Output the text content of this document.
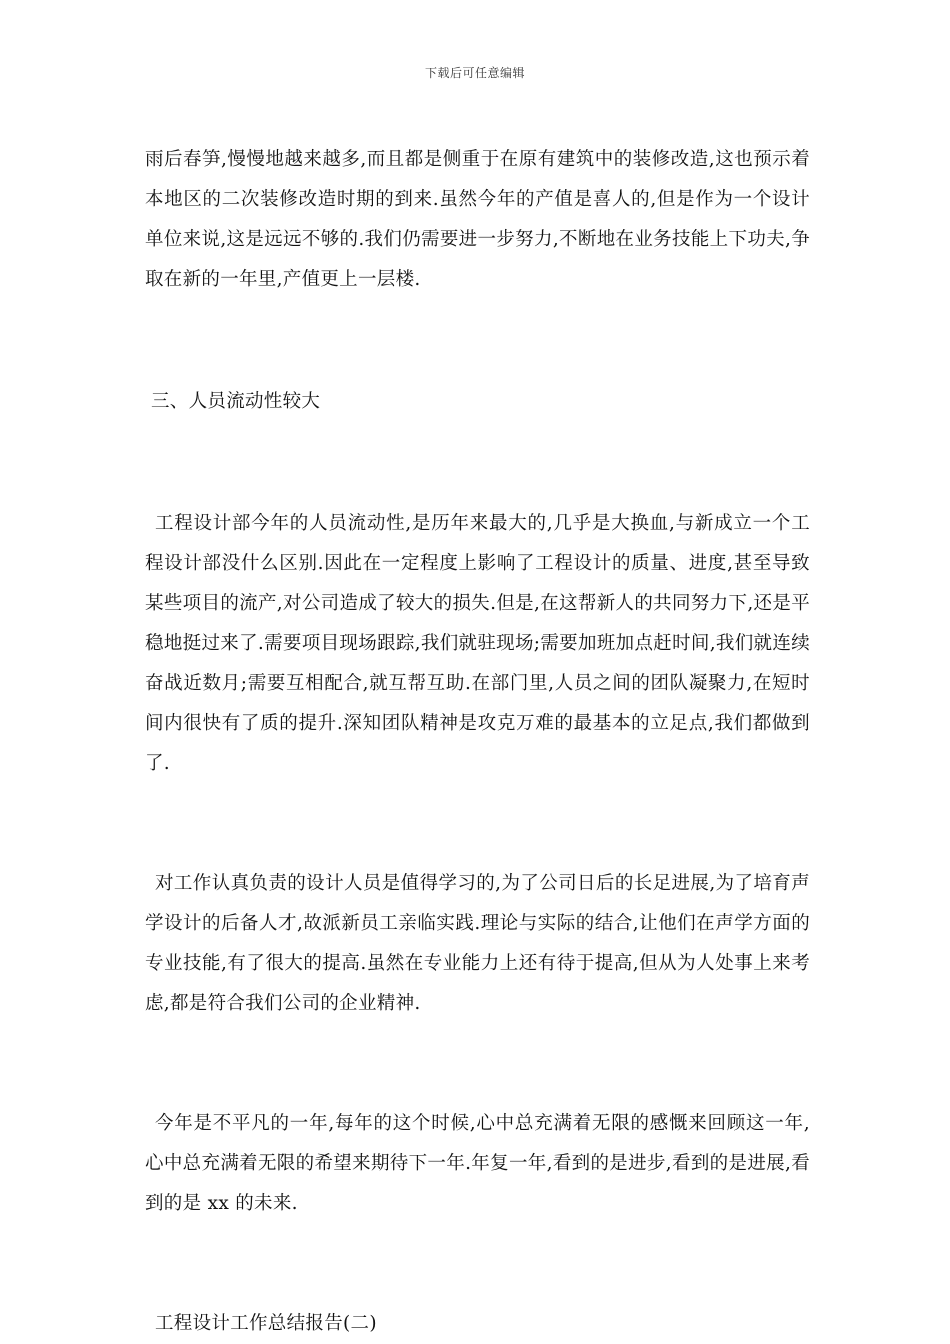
下载后可任意编辑

雨后春笋,慢慢地越来越多,而且都是侧重于在原有建筑中的装修改造,这也预示着本地区的二次装修改造时期的到来.虽然今年的产值是喜人的,但是作为一个设计单位来说,这是远远不够的.我们仍需要进一步努力,不断地在业务技能上下功夫,争取在新的一年里,产值更上一层楼.

三、人员流动性较大

工程设计部今年的人员流动性,是历年来最大的,几乎是大换血,与新成立一个工程设计部没什么区别.因此在一定程度上影响了工程设计的质量、进度,甚至导致某些项目的流产,对公司造成了较大的损失.但是,在这帮新人的共同努力下,还是平稳地挺过来了.需要项目现场跟踪,我们就驻现场;需要加班加点赶时间,我们就连续奋战近数月;需要互相配合,就互帮互助.在部门里,人员之间的团队凝聚力,在短时间内很快有了质的提升.深知团队精神是攻克万难的最基本的立足点,我们都做到了.

对工作认真负责的设计人员是值得学习的,为了公司日后的长足进展,为了培育声学设计的后备人才,故派新员工亲临实践.理论与实际的结合,让他们在声学方面的专业技能,有了很大的提高.虽然在专业能力上还有待于提高,但从为人处事上来考虑,都是符合我们公司的企业精神.

今年是不平凡的一年,每年的这个时候,心中总充满着无限的感慨来回顾这一年,心中总充满着无限的希望来期待下一年.年复一年,看到的是进步,看到的是进展,看到的是 xx 的未来.

工程设计工作总结报告(二)
